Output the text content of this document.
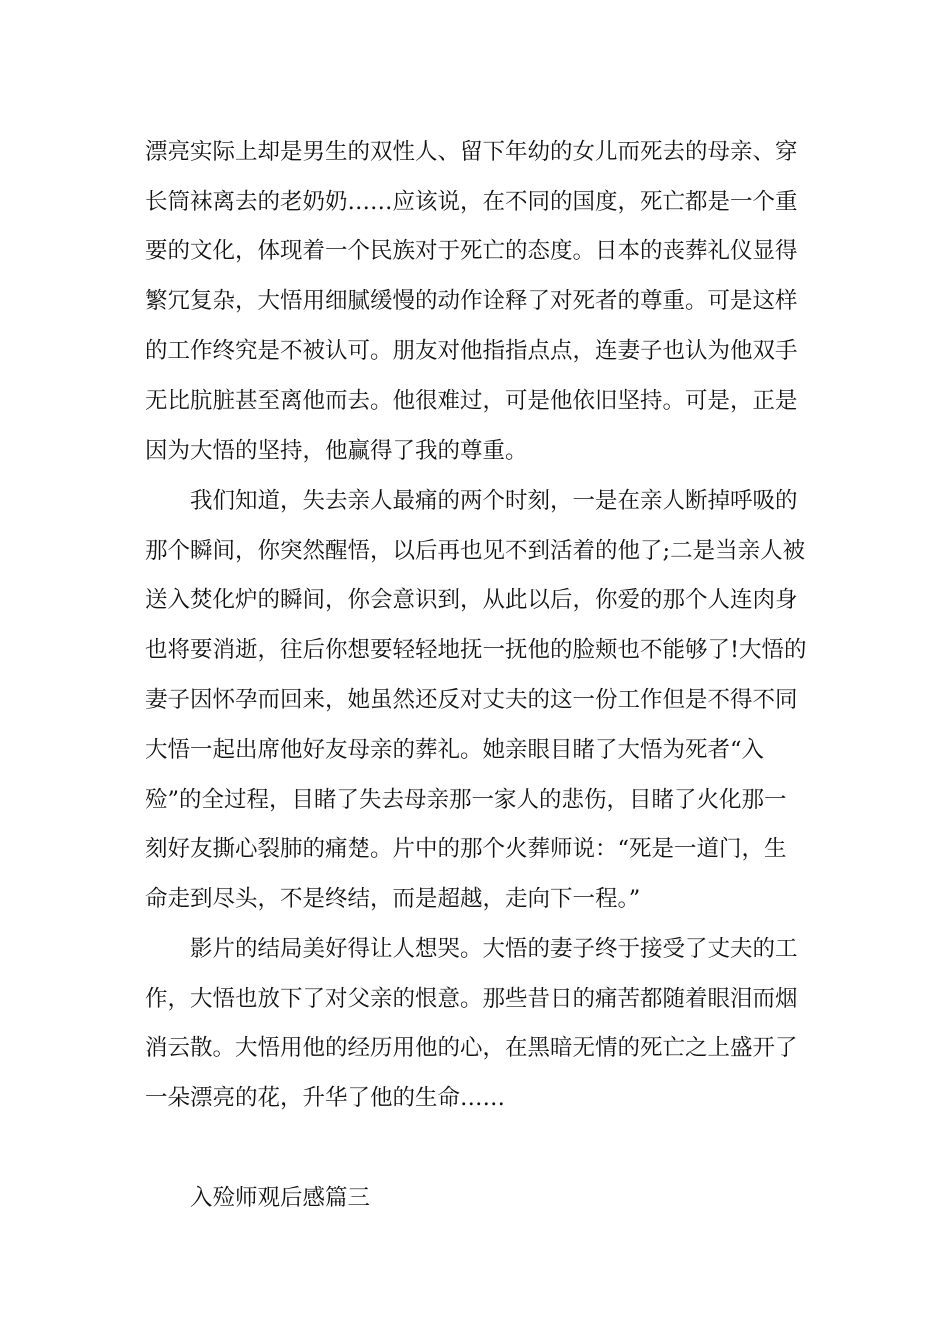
漂亮实际上却是男生的双性人、留下年幼的女儿而死去的母亲、穿
长筒袜离去的老奶奶……应该说，在不同的国度，死亡都是一个重
要的文化，体现着一个民族对于死亡的态度。日本的丧葬礼仪显得
繁冗复杂，大悟用细腻缓慢的动作诠释了对死者的尊重。可是这样
的工作终究是不被认可。朋友对他指指点点，连妻子也认为他双手
无比肮脏甚至离他而去。他很难过，可是他依旧坚持。可是，正是
因为大悟的坚持，他赢得了我的尊重。
　　我们知道，失去亲人最痛的两个时刻，一是在亲人断掉呼吸的
那个瞬间，你突然醒悟，以后再也见不到活着的他了;二是当亲人被
送入焚化炉的瞬间，你会意识到，从此以后，你爱的那个人连肉身
也将要消逝，往后你想要轻轻地抚一抚他的脸颊也不能够了!大悟的
妻子因怀孕而回来，她虽然还反对丈夫的这一份工作但是不得不同
大悟一起出席他好友母亲的葬礼。她亲眼目睹了大悟为死者“入
殓”的全过程，目睹了失去母亲那一家人的悲伤，目睹了火化那一
刻好友撕心裂肺的痛楚。片中的那个火葬师说：“死是一道门，生
命走到尽头，不是终结，而是超越，走向下一程。”
　　影片的结局美好得让人想哭。大悟的妻子终于接受了丈夫的工
作，大悟也放下了对父亲的恨意。那些昔日的痛苦都随着眼泪而烟
消云散。大悟用他的经历用他的心，在黑暗无情的死亡之上盛开了
一朵漂亮的花，升华了他的生命……
入殓师观后感篇三
